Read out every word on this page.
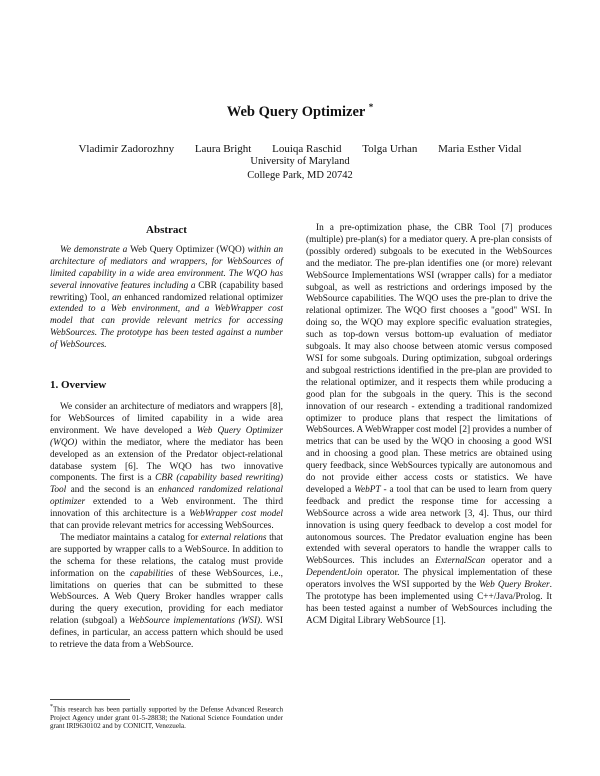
Web Query Optimizer *
Vladimir Zadorozhny Laura Bright Louiqa Raschid Tolga Urhan Maria Esther Vidal
University of Maryland
College Park, MD 20742
Abstract

We demonstrate a Web Query Optimizer (WQO) within an architecture of mediators and wrappers, for WebSources of limited capability in a wide area environment. The WQO has several innovative features including a CBR (capability based rewriting) Tool, an enhanced randomized relational optimizer extended to a Web environment, and a WebWrapper cost model that can provide relevant metrics for accessing WebSources. The prototype has been tested against a number of WebSources.

1. Overview

We consider an architecture of mediators and wrappers [8], for WebSources of limited capability in a wide area environment. We have developed a Web Query Optimizer (WQO) within the mediator, where the mediator has been developed as an extension of the Predator object-relational database system [6]. The WQO has two innovative components. The first is a CBR (capability based rewriting) Tool and the second is an enhanced randomized relational optimizer extended to a Web environment. The third innovation of this architecture is a WebWrapper cost model that can provide relevant metrics for accessing WebSources.

The mediator maintains a catalog for external relations that are supported by wrapper calls to a WebSource. In addition to the schema for these relations, the catalog must provide information on the capabilities of these WebSources, i.e., limitations on queries that can be submitted to these WebSources. A Web Query Broker handles wrapper calls during the query execution, providing for each mediator relation (subgoal) a WebSource implementations (WSI). WSI defines, in particular, an access pattern which should be used to retrieve the data from a WebSource.

In a pre-optimization phase, the CBR Tool [7] produces (multiple) pre-plan(s) for a mediator query. A pre-plan consists of (possibly ordered) subgoals to be executed in the WebSources and the mediator. The pre-plan identifies one (or more) relevant WebSource Implementations WSI (wrapper calls) for a mediator subgoal, as well as restrictions and orderings imposed by the WebSource capabilities. The WQO uses the pre-plan to drive the relational optimizer. The WQO first chooses a "good" WSI. In doing so, the WQO may explore specific evaluation strategies, such as top-down versus bottom-up evaluation of mediator subgoals. It may also choose between atomic versus composed WSI for some subgoals. During optimization, subgoal orderings and subgoal restrictions identified in the pre-plan are provided to the relational optimizer, and it respects them while producing a good plan for the subgoals in the query. This is the second innovation of our research - extending a traditional randomized optimizer to produce plans that respect the limitations of WebSources. A WebWrapper cost model [2] provides a number of metrics that can be used by the WQO in choosing a good WSI and in choosing a good plan. These metrics are obtained using query feedback, since WebSources typically are autonomous and do not provide either access costs or statistics. We have developed a WebPT - a tool that can be used to learn from query feedback and predict the response time for accessing a WebSource across a wide area network [3, 4]. Thus, our third innovation is using query feedback to develop a cost model for autonomous sources. The Predator evaluation engine has been extended with several operators to handle the wrapper calls to WebSources. This includes an ExternalScan operator and a DependentJoin operator. The physical implementation of these operators involves the WSI supported by the Web Query Broker. The prototype has been implemented using C++/Java/Prolog. It has been tested against a number of WebSources including the ACM Digital Library WebSource [1].

*This research has been partially supported by the Defense Advanced Research Project Agency under grant 01-5-28838; the National Science Foundation under grant IRI9630102 and by CONICIT, Venezuela.
